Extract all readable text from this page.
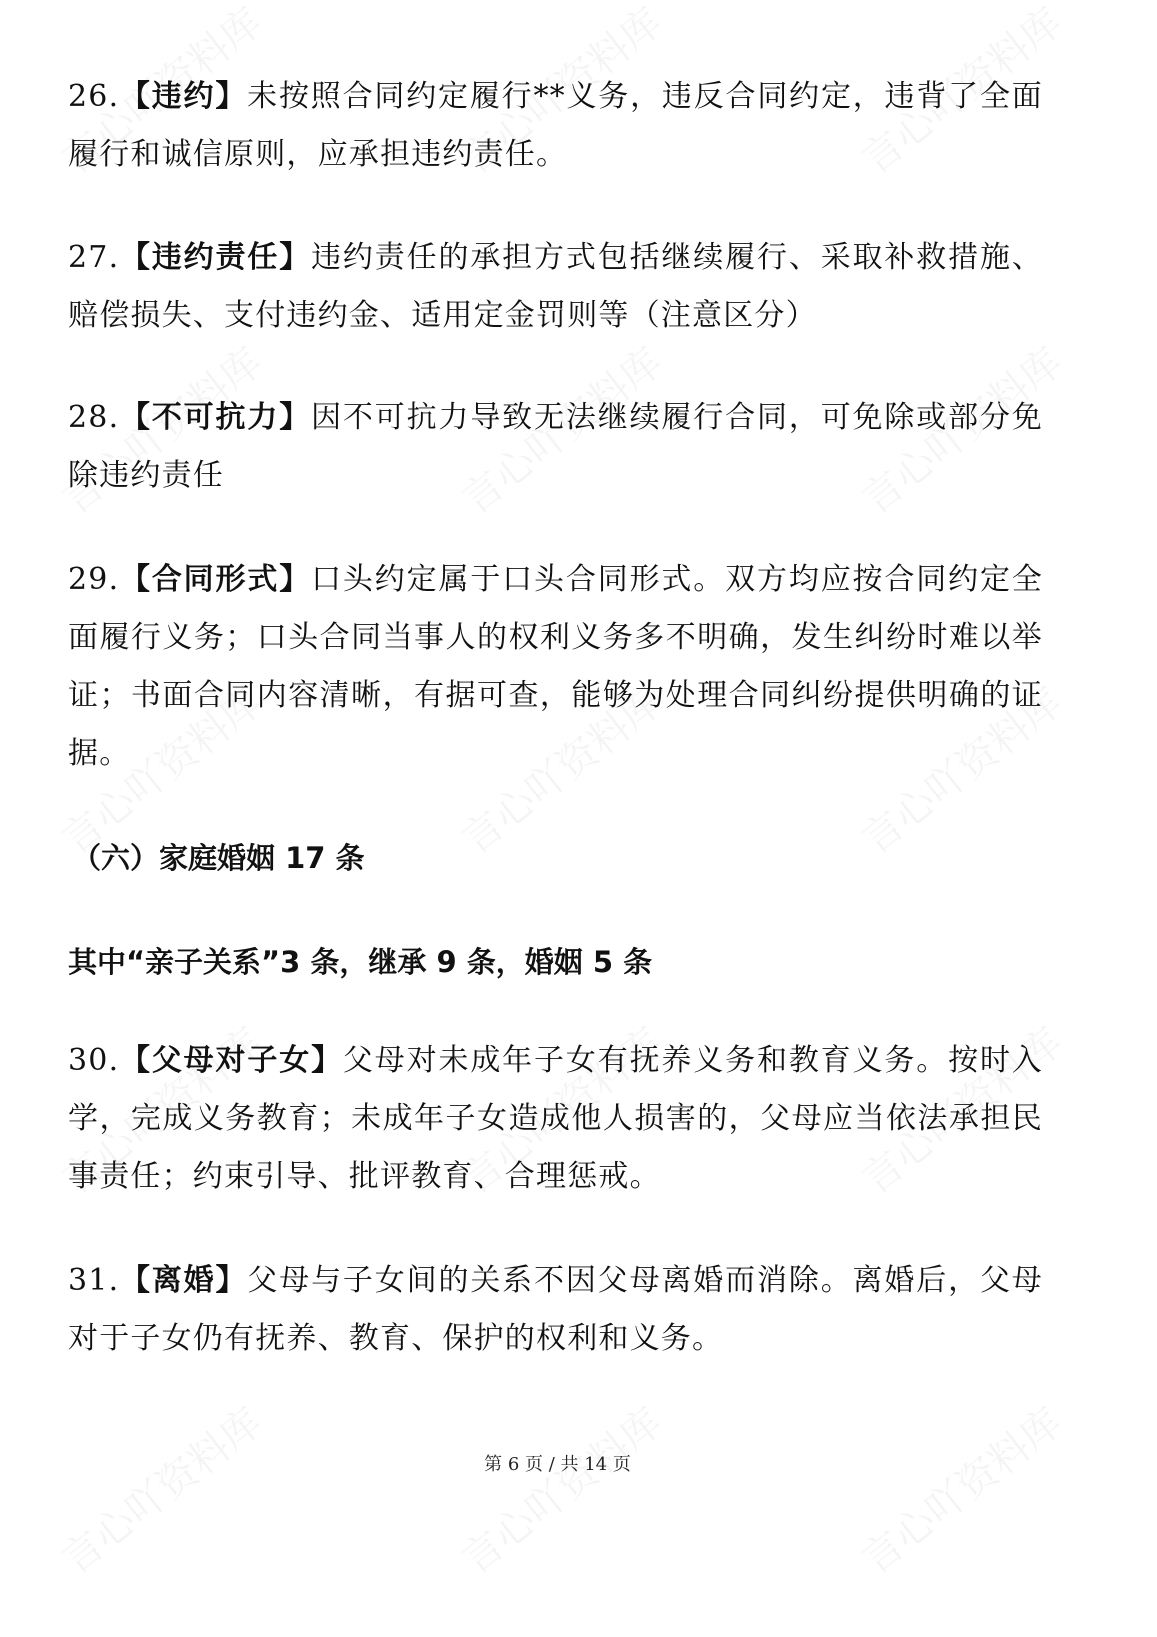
26.【违约】未按照合同约定履行**义务，违反合同约定，违背了全面履行和诚信原则，应承担违约责任。
27.【违约责任】违约责任的承担方式包括继续履行、采取补救措施、赔偿损失、支付违约金、适用定金罚则等（注意区分）
28.【不可抗力】因不可抗力导致无法继续履行合同，可免除或部分免除违约责任
29.【合同形式】口头约定属于口头合同形式。双方均应按合同约定全面履行义务；口头合同当事人的权利义务多不明确，发生纠纷时难以举证；书面合同内容清晰，有据可查，能够为处理合同纠纷提供明确的证据。
（六）家庭婚姻 17 条
其中“亲子关系”3 条，继承 9 条，婚姻 5 条
30.【父母对子女】父母对未成年子女有抚养义务和教育义务。按时入学，完成义务教育；未成年子女造成他人损害的，父母应当依法承担民事责任；约束引导、批评教育、合理惩戒。
31.【离婚】父母与子女间的关系不因父母离婚而消除。离婚后，父母对于子女仍有抚养、教育、保护的权利和义务。
第 6 页 / 共 14 页
